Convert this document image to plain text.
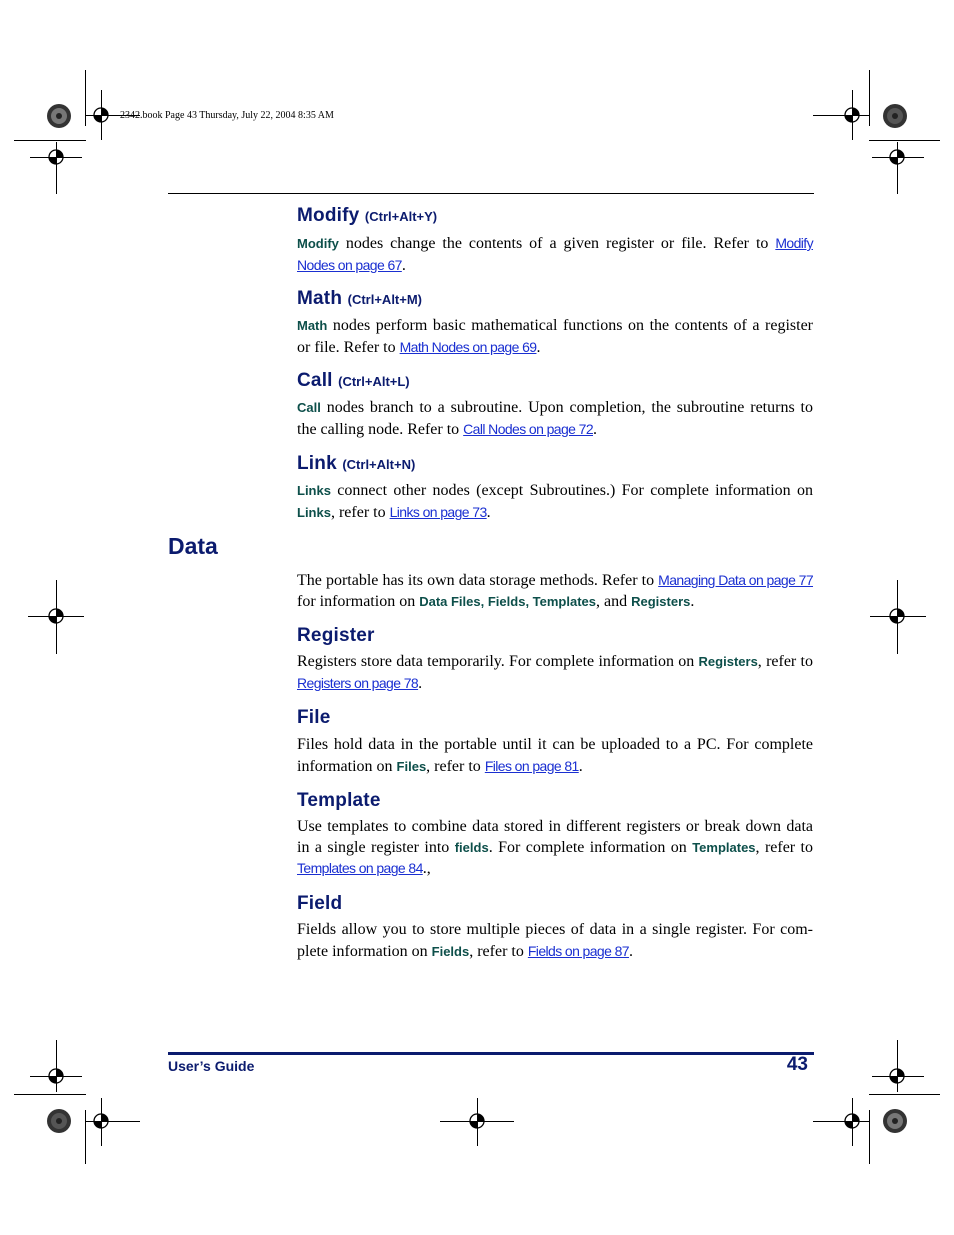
2342.book Page 43 Thursday, July 22, 2004 8:35 AM
Modify (Ctrl+Alt+Y)

Modify nodes change the contents of a given register or file. Refer to Modify Nodes on page 67.

Math (Ctrl+Alt+M)

Math nodes perform basic mathematical functions on the contents of a register or file. Refer to Math Nodes on page 69.

Call (Ctrl+Alt+L)

Call nodes branch to a subroutine. Upon completion, the subroutine returns to the calling node. Refer to Call Nodes on page 72.

Link (Ctrl+Alt+N)

Links connect other nodes (except Subroutines.) For complete information on Links, refer to Links on page 73.

Data

The portable has its own data storage methods. Refer to Managing Data on page 77 for information on Data Files, Fields, Templates, and Registers.

Register

Registers store data temporarily. For complete information on Registers, refer to Registers on page 78.

File

Files hold data in the portable until it can be uploaded to a PC. For complete information on Files, refer to Files on page 81.

Template

Use templates to combine data stored in different registers or break down data in a single register into fields. For complete information on Templates, refer to Templates on page 84.,

Field

Fields allow you to store multiple pieces of data in a single register. For com-plete information on Fields, refer to Fields on page 87.

User’s Guide	43
